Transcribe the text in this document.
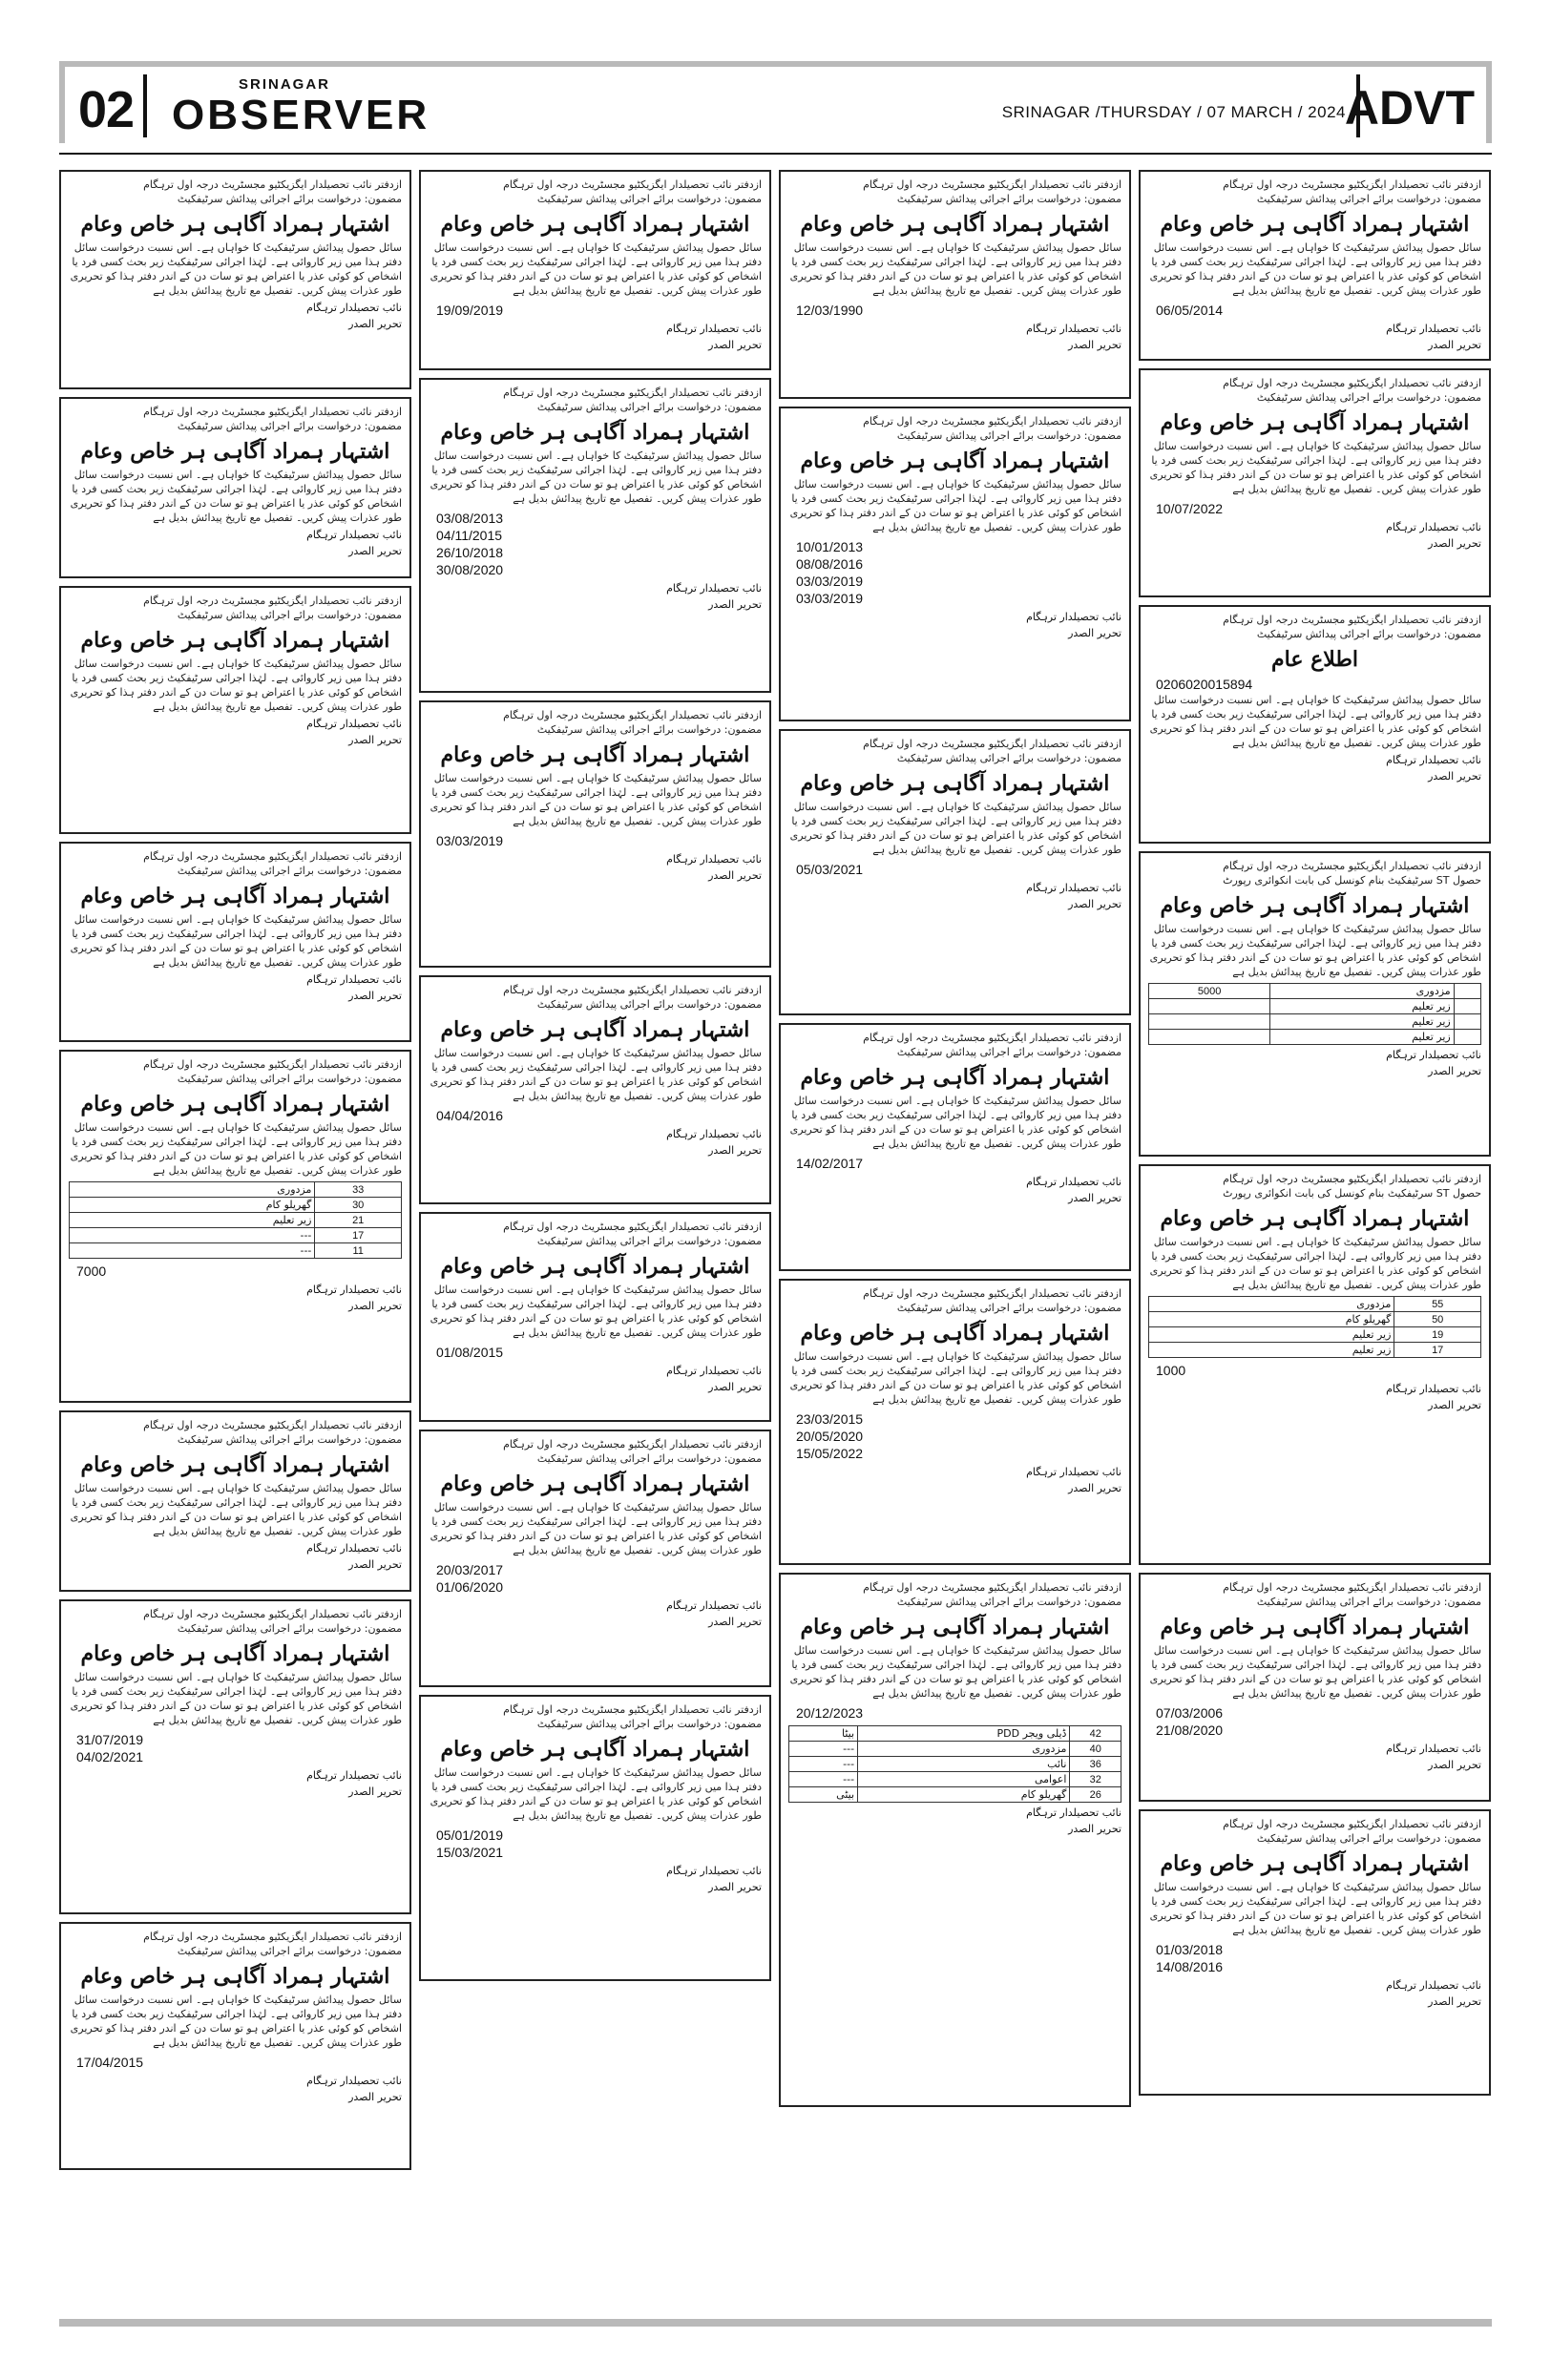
02	SRINAGAR
OBSERVER	SRINAGAR /THURSDAY / 07 MARCH / 2024
ADVT
ازدفتر نائب تحصیلدار ایگزیکٹیو مجسٹریٹ درجہ اول ترہگام
مضمون: درخواست برائے اجرائی پیدائش سرٹیفکیٹ
اشتہار ہمراد آگاہی ہر خاص وعام
سائل حصول پیدائش سرٹیفکیٹ کا خواہاں ہے۔ اس نسبت درخواست سائل دفتر ہذا میں زیر کاروائی ہے۔ لہٰذا اجرائی سرٹیفکیٹ زیر بحث کسی فرد یا اشخاص کو کوئی عذر یا اعتراض ہو تو سات دن کے اندر دفتر ہذا کو تحریری طور عذرات پیش کریں۔ تفصیل مع تاریخ پیدائش بدیل ہے
نائب تحصیلدار ترہگام
تحریر الصدر
ازدفتر نائب تحصیلدار ایگزیکٹیو مجسٹریٹ درجہ اول ترہگام
مضمون: درخواست برائے اجرائی پیدائش سرٹیفکیٹ
اشتہار ہمراد آگاہی ہر خاص وعام
سائل حصول پیدائش سرٹیفکیٹ کا خواہاں ہے۔ اس نسبت درخواست سائل دفتر ہذا میں زیر کاروائی ہے۔ لہٰذا اجرائی سرٹیفکیٹ زیر بحث کسی فرد یا اشخاص کو کوئی عذر یا اعتراض ہو تو سات دن کے اندر دفتر ہذا کو تحریری طور عذرات پیش کریں۔ تفصیل مع تاریخ پیدائش بدیل ہے
نائب تحصیلدار ترہگام
تحریر الصدر
ازدفتر نائب تحصیلدار ایگزیکٹیو مجسٹریٹ درجہ اول ترہگام
مضمون: درخواست برائے اجرائی پیدائش سرٹیفکیٹ
اشتہار ہمراد آگاہی ہر خاص وعام
سائل حصول پیدائش سرٹیفکیٹ کا خواہاں ہے۔ اس نسبت درخواست سائل دفتر ہذا میں زیر کاروائی ہے۔ لہٰذا اجرائی سرٹیفکیٹ زیر بحث کسی فرد یا اشخاص کو کوئی عذر یا اعتراض ہو تو سات دن کے اندر دفتر ہذا کو تحریری طور عذرات پیش کریں۔ تفصیل مع تاریخ پیدائش بدیل ہے
نائب تحصیلدار ترہگام
تحریر الصدر
ازدفتر نائب تحصیلدار ایگزیکٹیو مجسٹریٹ درجہ اول ترہگام
مضمون: درخواست برائے اجرائی پیدائش سرٹیفکیٹ
اشتہار ہمراد آگاہی ہر خاص وعام
سائل حصول پیدائش سرٹیفکیٹ کا خواہاں ہے۔ اس نسبت درخواست سائل دفتر ہذا میں زیر کاروائی ہے۔ لہٰذا اجرائی سرٹیفکیٹ زیر بحث کسی فرد یا اشخاص کو کوئی عذر یا اعتراض ہو تو سات دن کے اندر دفتر ہذا کو تحریری طور عذرات پیش کریں۔ تفصیل مع تاریخ پیدائش بدیل ہے
نائب تحصیلدار ترہگام
تحریر الصدر
ازدفتر نائب تحصیلدار ایگزیکٹیو مجسٹریٹ درجہ اول ترہگام
مضمون: درخواست برائے اجرائی پیدائش سرٹیفکیٹ
اشتہار ہمراد آگاہی ہر خاص وعام
سائل حصول پیدائش سرٹیفکیٹ کا خواہاں ہے۔ اس نسبت درخواست سائل دفتر ہذا میں زیر کاروائی ہے۔ لہٰذا اجرائی سرٹیفکیٹ زیر بحث کسی فرد یا اشخاص کو کوئی عذر یا اعتراض ہو تو سات دن کے اندر دفتر ہذا کو تحریری طور عذرات پیش کریں۔ تفصیل مع تاریخ پیدائش بدیل ہے
33	مزدوری
30	گھریلو کام
21	زیر تعلیم
17	---
11	---
7000
نائب تحصیلدار ترہگام
تحریر الصدر
ازدفتر نائب تحصیلدار ایگزیکٹیو مجسٹریٹ درجہ اول ترہگام
مضمون: درخواست برائے اجرائی پیدائش سرٹیفکیٹ
اشتہار ہمراد آگاہی ہر خاص وعام
سائل حصول پیدائش سرٹیفکیٹ کا خواہاں ہے۔ اس نسبت درخواست سائل دفتر ہذا میں زیر کاروائی ہے۔ لہٰذا اجرائی سرٹیفکیٹ زیر بحث کسی فرد یا اشخاص کو کوئی عذر یا اعتراض ہو تو سات دن کے اندر دفتر ہذا کو تحریری طور عذرات پیش کریں۔ تفصیل مع تاریخ پیدائش بدیل ہے
نائب تحصیلدار ترہگام
تحریر الصدر
ازدفتر نائب تحصیلدار ایگزیکٹیو مجسٹریٹ درجہ اول ترہگام
مضمون: درخواست برائے اجرائی پیدائش سرٹیفکیٹ
اشتہار ہمراد آگاہی ہر خاص وعام
سائل حصول پیدائش سرٹیفکیٹ کا خواہاں ہے۔ اس نسبت درخواست سائل دفتر ہذا میں زیر کاروائی ہے۔ لہٰذا اجرائی سرٹیفکیٹ زیر بحث کسی فرد یا اشخاص کو کوئی عذر یا اعتراض ہو تو سات دن کے اندر دفتر ہذا کو تحریری طور عذرات پیش کریں۔ تفصیل مع تاریخ پیدائش بدیل ہے
31/07/2019
04/02/2021
نائب تحصیلدار ترہگام
تحریر الصدر
ازدفتر نائب تحصیلدار ایگزیکٹیو مجسٹریٹ درجہ اول ترہگام
مضمون: درخواست برائے اجرائی پیدائش سرٹیفکیٹ
اشتہار ہمراد آگاہی ہر خاص وعام
سائل حصول پیدائش سرٹیفکیٹ کا خواہاں ہے۔ اس نسبت درخواست سائل دفتر ہذا میں زیر کاروائی ہے۔ لہٰذا اجرائی سرٹیفکیٹ زیر بحث کسی فرد یا اشخاص کو کوئی عذر یا اعتراض ہو تو سات دن کے اندر دفتر ہذا کو تحریری طور عذرات پیش کریں۔ تفصیل مع تاریخ پیدائش بدیل ہے
17/04/2015
نائب تحصیلدار ترہگام
تحریر الصدر
ازدفتر نائب تحصیلدار ایگزیکٹیو مجسٹریٹ درجہ اول ترہگام
مضمون: درخواست برائے اجرائی پیدائش سرٹیفکیٹ
اشتہار ہمراد آگاہی ہر خاص وعام
سائل حصول پیدائش سرٹیفکیٹ کا خواہاں ہے۔ اس نسبت درخواست سائل دفتر ہذا میں زیر کاروائی ہے۔ لہٰذا اجرائی سرٹیفکیٹ زیر بحث کسی فرد یا اشخاص کو کوئی عذر یا اعتراض ہو تو سات دن کے اندر دفتر ہذا کو تحریری طور عذرات پیش کریں۔ تفصیل مع تاریخ پیدائش بدیل ہے
19/09/2019
نائب تحصیلدار ترہگام
تحریر الصدر
ازدفتر نائب تحصیلدار ایگزیکٹیو مجسٹریٹ درجہ اول ترہگام
مضمون: درخواست برائے اجرائی پیدائش سرٹیفکیٹ
اشتہار ہمراد آگاہی ہر خاص وعام
سائل حصول پیدائش سرٹیفکیٹ کا خواہاں ہے۔ اس نسبت درخواست سائل دفتر ہذا میں زیر کاروائی ہے۔ لہٰذا اجرائی سرٹیفکیٹ زیر بحث کسی فرد یا اشخاص کو کوئی عذر یا اعتراض ہو تو سات دن کے اندر دفتر ہذا کو تحریری طور عذرات پیش کریں۔ تفصیل مع تاریخ پیدائش بدیل ہے
03/08/2013
04/11/2015
26/10/2018
30/08/2020
نائب تحصیلدار ترہگام
تحریر الصدر
ازدفتر نائب تحصیلدار ایگزیکٹیو مجسٹریٹ درجہ اول ترہگام
مضمون: درخواست برائے اجرائی پیدائش سرٹیفکیٹ
اشتہار ہمراد آگاہی ہر خاص وعام
سائل حصول پیدائش سرٹیفکیٹ کا خواہاں ہے۔ اس نسبت درخواست سائل دفتر ہذا میں زیر کاروائی ہے۔ لہٰذا اجرائی سرٹیفکیٹ زیر بحث کسی فرد یا اشخاص کو کوئی عذر یا اعتراض ہو تو سات دن کے اندر دفتر ہذا کو تحریری طور عذرات پیش کریں۔ تفصیل مع تاریخ پیدائش بدیل ہے
03/03/2019
نائب تحصیلدار ترہگام
تحریر الصدر
ازدفتر نائب تحصیلدار ایگزیکٹیو مجسٹریٹ درجہ اول ترہگام
مضمون: درخواست برائے اجرائی پیدائش سرٹیفکیٹ
اشتہار ہمراد آگاہی ہر خاص وعام
سائل حصول پیدائش سرٹیفکیٹ کا خواہاں ہے۔ اس نسبت درخواست سائل دفتر ہذا میں زیر کاروائی ہے۔ لہٰذا اجرائی سرٹیفکیٹ زیر بحث کسی فرد یا اشخاص کو کوئی عذر یا اعتراض ہو تو سات دن کے اندر دفتر ہذا کو تحریری طور عذرات پیش کریں۔ تفصیل مع تاریخ پیدائش بدیل ہے
04/04/2016
نائب تحصیلدار ترہگام
تحریر الصدر
ازدفتر نائب تحصیلدار ایگزیکٹیو مجسٹریٹ درجہ اول ترہگام
مضمون: درخواست برائے اجرائی پیدائش سرٹیفکیٹ
اشتہار ہمراد آگاہی ہر خاص وعام
سائل حصول پیدائش سرٹیفکیٹ کا خواہاں ہے۔ اس نسبت درخواست سائل دفتر ہذا میں زیر کاروائی ہے۔ لہٰذا اجرائی سرٹیفکیٹ زیر بحث کسی فرد یا اشخاص کو کوئی عذر یا اعتراض ہو تو سات دن کے اندر دفتر ہذا کو تحریری طور عذرات پیش کریں۔ تفصیل مع تاریخ پیدائش بدیل ہے
01/08/2015
نائب تحصیلدار ترہگام
تحریر الصدر
ازدفتر نائب تحصیلدار ایگزیکٹیو مجسٹریٹ درجہ اول ترہگام
مضمون: درخواست برائے اجرائی پیدائش سرٹیفکیٹ
اشتہار ہمراد آگاہی ہر خاص وعام
سائل حصول پیدائش سرٹیفکیٹ کا خواہاں ہے۔ اس نسبت درخواست سائل دفتر ہذا میں زیر کاروائی ہے۔ لہٰذا اجرائی سرٹیفکیٹ زیر بحث کسی فرد یا اشخاص کو کوئی عذر یا اعتراض ہو تو سات دن کے اندر دفتر ہذا کو تحریری طور عذرات پیش کریں۔ تفصیل مع تاریخ پیدائش بدیل ہے
20/03/2017
01/06/2020
نائب تحصیلدار ترہگام
تحریر الصدر
ازدفتر نائب تحصیلدار ایگزیکٹیو مجسٹریٹ درجہ اول ترہگام
مضمون: درخواست برائے اجرائی پیدائش سرٹیفکیٹ
اشتہار ہمراد آگاہی ہر خاص وعام
سائل حصول پیدائش سرٹیفکیٹ کا خواہاں ہے۔ اس نسبت درخواست سائل دفتر ہذا میں زیر کاروائی ہے۔ لہٰذا اجرائی سرٹیفکیٹ زیر بحث کسی فرد یا اشخاص کو کوئی عذر یا اعتراض ہو تو سات دن کے اندر دفتر ہذا کو تحریری طور عذرات پیش کریں۔ تفصیل مع تاریخ پیدائش بدیل ہے
05/01/2019
15/03/2021
نائب تحصیلدار ترہگام
تحریر الصدر
ازدفتر نائب تحصیلدار ایگزیکٹیو مجسٹریٹ درجہ اول ترہگام
مضمون: درخواست برائے اجرائی پیدائش سرٹیفکیٹ
اشتہار ہمراد آگاہی ہر خاص وعام
سائل حصول پیدائش سرٹیفکیٹ کا خواہاں ہے۔ اس نسبت درخواست سائل دفتر ہذا میں زیر کاروائی ہے۔ لہٰذا اجرائی سرٹیفکیٹ زیر بحث کسی فرد یا اشخاص کو کوئی عذر یا اعتراض ہو تو سات دن کے اندر دفتر ہذا کو تحریری طور عذرات پیش کریں۔ تفصیل مع تاریخ پیدائش بدیل ہے
12/03/1990
نائب تحصیلدار ترہگام
تحریر الصدر
ازدفتر نائب تحصیلدار ایگزیکٹیو مجسٹریٹ درجہ اول ترہگام
مضمون: درخواست برائے اجرائی پیدائش سرٹیفکیٹ
اشتہار ہمراد آگاہی ہر خاص وعام
سائل حصول پیدائش سرٹیفکیٹ کا خواہاں ہے۔ اس نسبت درخواست سائل دفتر ہذا میں زیر کاروائی ہے۔ لہٰذا اجرائی سرٹیفکیٹ زیر بحث کسی فرد یا اشخاص کو کوئی عذر یا اعتراض ہو تو سات دن کے اندر دفتر ہذا کو تحریری طور عذرات پیش کریں۔ تفصیل مع تاریخ پیدائش بدیل ہے
10/01/2013
08/08/2016
03/03/2019
03/03/2019
نائب تحصیلدار ترہگام
تحریر الصدر
ازدفتر نائب تحصیلدار ایگزیکٹیو مجسٹریٹ درجہ اول ترہگام
مضمون: درخواست برائے اجرائی پیدائش سرٹیفکیٹ
اشتہار ہمراد آگاہی ہر خاص وعام
سائل حصول پیدائش سرٹیفکیٹ کا خواہاں ہے۔ اس نسبت درخواست سائل دفتر ہذا میں زیر کاروائی ہے۔ لہٰذا اجرائی سرٹیفکیٹ زیر بحث کسی فرد یا اشخاص کو کوئی عذر یا اعتراض ہو تو سات دن کے اندر دفتر ہذا کو تحریری طور عذرات پیش کریں۔ تفصیل مع تاریخ پیدائش بدیل ہے
05/03/2021
نائب تحصیلدار ترہگام
تحریر الصدر
ازدفتر نائب تحصیلدار ایگزیکٹیو مجسٹریٹ درجہ اول ترہگام
مضمون: درخواست برائے اجرائی پیدائش سرٹیفکیٹ
اشتہار ہمراد آگاہی ہر خاص وعام
سائل حصول پیدائش سرٹیفکیٹ کا خواہاں ہے۔ اس نسبت درخواست سائل دفتر ہذا میں زیر کاروائی ہے۔ لہٰذا اجرائی سرٹیفکیٹ زیر بحث کسی فرد یا اشخاص کو کوئی عذر یا اعتراض ہو تو سات دن کے اندر دفتر ہذا کو تحریری طور عذرات پیش کریں۔ تفصیل مع تاریخ پیدائش بدیل ہے
14/02/2017
نائب تحصیلدار ترہگام
تحریر الصدر
ازدفتر نائب تحصیلدار ایگزیکٹیو مجسٹریٹ درجہ اول ترہگام
مضمون: درخواست برائے اجرائی پیدائش سرٹیفکیٹ
اشتہار ہمراد آگاہی ہر خاص وعام
سائل حصول پیدائش سرٹیفکیٹ کا خواہاں ہے۔ اس نسبت درخواست سائل دفتر ہذا میں زیر کاروائی ہے۔ لہٰذا اجرائی سرٹیفکیٹ زیر بحث کسی فرد یا اشخاص کو کوئی عذر یا اعتراض ہو تو سات دن کے اندر دفتر ہذا کو تحریری طور عذرات پیش کریں۔ تفصیل مع تاریخ پیدائش بدیل ہے
23/03/2015
20/05/2020
15/05/2022
نائب تحصیلدار ترہگام
تحریر الصدر
ازدفتر نائب تحصیلدار ایگزیکٹیو مجسٹریٹ درجہ اول ترہگام
مضمون: درخواست برائے اجرائی پیدائش سرٹیفکیٹ
اشتہار ہمراد آگاہی ہر خاص وعام
سائل حصول پیدائش سرٹیفکیٹ کا خواہاں ہے۔ اس نسبت درخواست سائل دفتر ہذا میں زیر کاروائی ہے۔ لہٰذا اجرائی سرٹیفکیٹ زیر بحث کسی فرد یا اشخاص کو کوئی عذر یا اعتراض ہو تو سات دن کے اندر دفتر ہذا کو تحریری طور عذرات پیش کریں۔ تفصیل مع تاریخ پیدائش بدیل ہے
20/12/2023
42	ڈیلی ویجر PDD	بیٹا
40	مزدوری	---
36	نائب	---
32	اعوامی	---
26	گھریلو کام	بیٹی
نائب تحصیلدار ترہگام
تحریر الصدر
ازدفتر نائب تحصیلدار ایگزیکٹیو مجسٹریٹ درجہ اول ترہگام
مضمون: درخواست برائے اجرائی پیدائش سرٹیفکیٹ
اشتہار ہمراد آگاہی ہر خاص وعام
سائل حصول پیدائش سرٹیفکیٹ کا خواہاں ہے۔ اس نسبت درخواست سائل دفتر ہذا میں زیر کاروائی ہے۔ لہٰذا اجرائی سرٹیفکیٹ زیر بحث کسی فرد یا اشخاص کو کوئی عذر یا اعتراض ہو تو سات دن کے اندر دفتر ہذا کو تحریری طور عذرات پیش کریں۔ تفصیل مع تاریخ پیدائش بدیل ہے
06/05/2014
نائب تحصیلدار ترہگام
تحریر الصدر
ازدفتر نائب تحصیلدار ایگزیکٹیو مجسٹریٹ درجہ اول ترہگام
مضمون: درخواست برائے اجرائی پیدائش سرٹیفکیٹ
اشتہار ہمراد آگاہی ہر خاص وعام
سائل حصول پیدائش سرٹیفکیٹ کا خواہاں ہے۔ اس نسبت درخواست سائل دفتر ہذا میں زیر کاروائی ہے۔ لہٰذا اجرائی سرٹیفکیٹ زیر بحث کسی فرد یا اشخاص کو کوئی عذر یا اعتراض ہو تو سات دن کے اندر دفتر ہذا کو تحریری طور عذرات پیش کریں۔ تفصیل مع تاریخ پیدائش بدیل ہے
10/07/2022
نائب تحصیلدار ترہگام
تحریر الصدر
ازدفتر نائب تحصیلدار ایگزیکٹیو مجسٹریٹ درجہ اول ترہگام
مضمون: درخواست برائے اجرائی پیدائش سرٹیفکیٹ
اطلاع عام
0206020015894
سائل حصول پیدائش سرٹیفکیٹ کا خواہاں ہے۔ اس نسبت درخواست سائل دفتر ہذا میں زیر کاروائی ہے۔ لہٰذا اجرائی سرٹیفکیٹ زیر بحث کسی فرد یا اشخاص کو کوئی عذر یا اعتراض ہو تو سات دن کے اندر دفتر ہذا کو تحریری طور عذرات پیش کریں۔ تفصیل مع تاریخ پیدائش بدیل ہے
نائب تحصیلدار ترہگام
تحریر الصدر
ازدفتر نائب تحصیلدار ایگزیکٹیو مجسٹریٹ درجہ اول ترہگام
حصول ST سرٹیفکیٹ بنام کونسل کی بابت انکوائری رپورٹ
اشتہار ہمراد آگاہی ہر خاص وعام
سائل حصول پیدائش سرٹیفکیٹ کا خواہاں ہے۔ اس نسبت درخواست سائل دفتر ہذا میں زیر کاروائی ہے۔ لہٰذا اجرائی سرٹیفکیٹ زیر بحث کسی فرد یا اشخاص کو کوئی عذر یا اعتراض ہو تو سات دن کے اندر دفتر ہذا کو تحریری طور عذرات پیش کریں۔ تفصیل مع تاریخ پیدائش بدیل ہے
	مزدوری	5000
	زیر تعلیم	
	زیر تعلیم	
	زیر تعلیم	
نائب تحصیلدار ترہگام
تحریر الصدر
ازدفتر نائب تحصیلدار ایگزیکٹیو مجسٹریٹ درجہ اول ترہگام
حصول ST سرٹیفکیٹ بنام کونسل کی بابت انکوائری رپورٹ
اشتہار ہمراد آگاہی ہر خاص وعام
سائل حصول پیدائش سرٹیفکیٹ کا خواہاں ہے۔ اس نسبت درخواست سائل دفتر ہذا میں زیر کاروائی ہے۔ لہٰذا اجرائی سرٹیفکیٹ زیر بحث کسی فرد یا اشخاص کو کوئی عذر یا اعتراض ہو تو سات دن کے اندر دفتر ہذا کو تحریری طور عذرات پیش کریں۔ تفصیل مع تاریخ پیدائش بدیل ہے
55	مزدوری
50	گھریلو کام
19	زیر تعلیم
17	زیر تعلیم
1000
نائب تحصیلدار ترہگام
تحریر الصدر
ازدفتر نائب تحصیلدار ایگزیکٹیو مجسٹریٹ درجہ اول ترہگام
مضمون: درخواست برائے اجرائی پیدائش سرٹیفکیٹ
اشتہار ہمراد آگاہی ہر خاص وعام
سائل حصول پیدائش سرٹیفکیٹ کا خواہاں ہے۔ اس نسبت درخواست سائل دفتر ہذا میں زیر کاروائی ہے۔ لہٰذا اجرائی سرٹیفکیٹ زیر بحث کسی فرد یا اشخاص کو کوئی عذر یا اعتراض ہو تو سات دن کے اندر دفتر ہذا کو تحریری طور عذرات پیش کریں۔ تفصیل مع تاریخ پیدائش بدیل ہے
07/03/2006
21/08/2020
نائب تحصیلدار ترہگام
تحریر الصدر
ازدفتر نائب تحصیلدار ایگزیکٹیو مجسٹریٹ درجہ اول ترہگام
مضمون: درخواست برائے اجرائی پیدائش سرٹیفکیٹ
اشتہار ہمراد آگاہی ہر خاص وعام
سائل حصول پیدائش سرٹیفکیٹ کا خواہاں ہے۔ اس نسبت درخواست سائل دفتر ہذا میں زیر کاروائی ہے۔ لہٰذا اجرائی سرٹیفکیٹ زیر بحث کسی فرد یا اشخاص کو کوئی عذر یا اعتراض ہو تو سات دن کے اندر دفتر ہذا کو تحریری طور عذرات پیش کریں۔ تفصیل مع تاریخ پیدائش بدیل ہے
01/03/2018
14/08/2016
نائب تحصیلدار ترہگام
تحریر الصدر
